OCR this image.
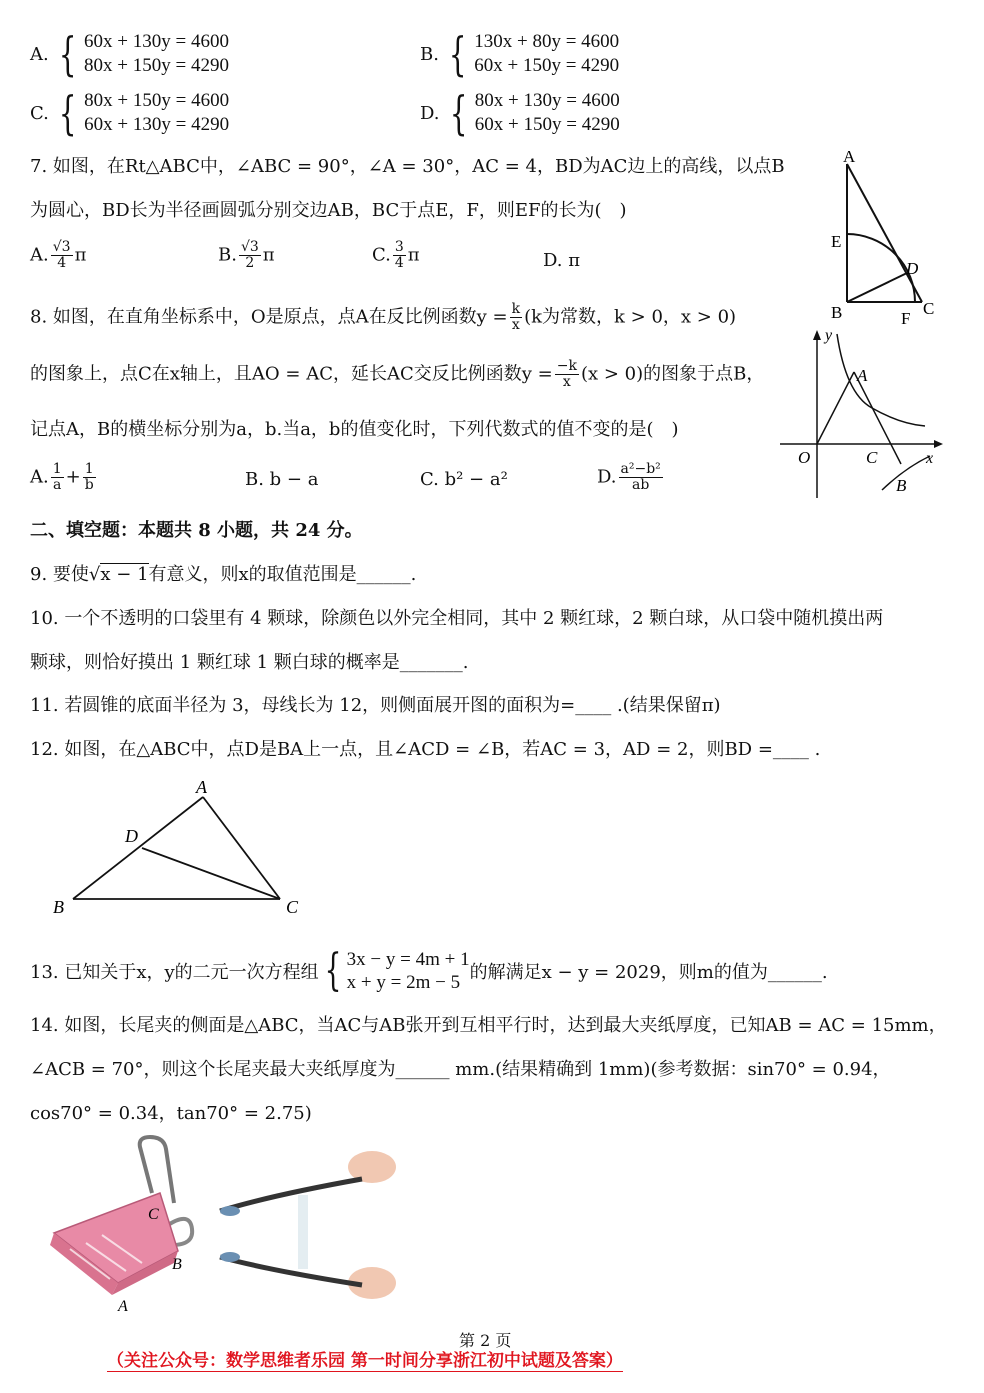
A. { 60x + 130y = 4600
80x + 150y = 4290
B. { 130x + 80y = 4600
60x + 150y = 4290
C. { 80x + 150y = 4600
60x + 130y = 4290
D. { 80x + 130y = 4600
60x + 150y = 4290
7. 如图，在Rt△ABC中，∠ABC = 90°，∠A = 30°，AC = 4，BD为AC边上的高线，以点B
为圆心，BD长为半径画圆弧分别交边AB，BC于点E，F，则EF的长为(　)
A. $\frac{√3}{4}$ π	B. $\frac{√3}{2}$ π	C. $\frac{3}{4}$ π	D. π
A
E
D
B	F
C
8. 如图，在直角坐标系中，O是原点，点A在反比例函数$y = \frac{k}{x} (k$为常数，k > 0，x > 0)
的图象上，点C在x轴上，且AO = AC，延长AC交反比例函数$y = \frac{-k}{x} (x > 0)$的图象于点B，
记点A，B的横坐标分别为a，b.当a，b的值变化时，下列代数式的值不变的是(　)
A. $\frac{1}{a} + \frac{1}{b}$	B. b − a	C. b² − a²	D. $\frac{\text{a²−b²}}{ab}$
y
A
O	C	x
B
二、填空题：本题共 8 小题，共 24 分。
9. 要使√x − 1有意义，则x的取值范围是______.
10. 一个不透明的口袋里有 4 颗球，除颜色以外完全相同，其中 2 颗红球，2 颗白球，从口袋中随机摸出两
颗球，则恰好摸出 1 颗红球 1 颗白球的概率是_______.
11. 若圆锥的底面半径为 3，母线长为 12，则侧面展开图的面积为=____ .(结果保留π)
12. 如图，在△ABC中，点D是BA上一点，且∠ACD = ∠B，若AC = 3，AD = 2，则BD =____ .
A
D
B	C
13. 已知关于x，y的二元一次方程组 { 3x − y = 4m + 1
x + y = 2m − 5 的解满足x − y = 2029，则m的值为______.
14. 如图，长尾夹的侧面是△ABC，当AC与AB张开到互相平行时，达到最大夹纸厚度，已知AB = AC = 15mm，
∠ACB = 70°，则这个长尾夹最大夹纸厚度为______ mm.(结果精确到 1mm)(参考数据：sin70° = 0.94，
cos70° = 0.34，tan70° = 2.75)
C
B
A
第 2 页
（关注公众号：数学思维者乐园 第一时间分享浙江初中试题及答案）
